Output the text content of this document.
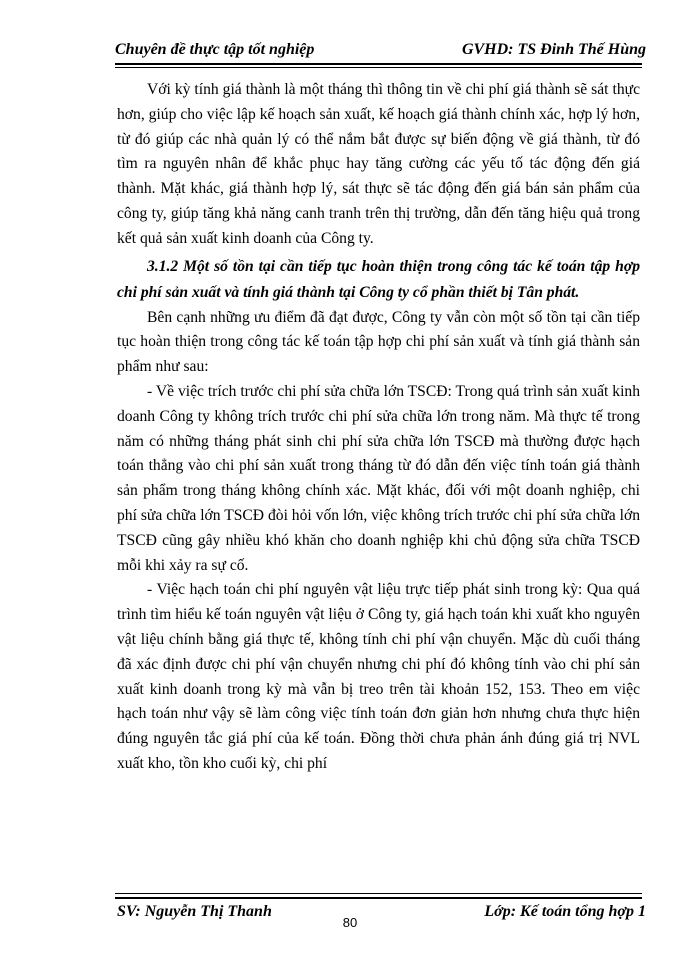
Chuyên đề thực tập tốt nghiệp	GVHD: TS Đinh Thế Hùng

Với kỳ tính giá thành là một tháng thì thông tin về chi phí giá thành sẽ sát thực hơn, giúp cho việc lập kế hoạch sản xuất, kế hoạch giá thành chính xác, hợp lý hơn, từ đó giúp các nhà quản lý có thể nắm bắt được sự biến động về giá thành, từ đó tìm ra nguyên nhân để khắc phục hay tăng cường các yếu tố tác động đến giá thành. Mặt khác, giá thành hợp lý, sát thực sẽ tác động đến giá bán sản phẩm của công ty, giúp tăng khả năng canh tranh trên thị trường, dẫn đến tăng hiệu quả trong kết quả sản xuất kinh doanh của Công ty.

3.1.2 Một số tồn tại cần tiếp tục hoàn thiện trong công tác kế toán tập hợp chi phí sản xuất và tính giá thành tại Công ty cổ phần thiết bị Tân phát.

Bên cạnh những ưu điểm đã đạt được, Công ty vẫn còn một số tồn tại cần tiếp tục hoàn thiện trong công tác kế toán tập hợp chi phí sản xuất và tính giá thành sản phẩm như sau:

- Về việc trích trước chi phí sửa chữa lớn TSCĐ: Trong quá trình sản xuất kinh doanh Công ty không trích trước chi phí sửa chữa lớn trong năm. Mà thực tế trong năm có những tháng phát sinh chi phí sửa chữa lớn TSCĐ mà thường được hạch toán thẳng vào chi phí sản xuất trong tháng từ đó dẫn đến việc tính toán giá thành sản phẩm trong tháng không chính xác. Mặt khác, đối với một doanh nghiệp, chi phí sửa chữa lớn TSCĐ đòi hỏi vốn lớn, việc không trích trước chi phí sửa chữa lớn TSCĐ cũng gây nhiều khó khăn cho doanh nghiệp khi chủ động sửa chữa TSCĐ mỗi khi xảy ra sự cố.

- Việc hạch toán chi phí nguyên vật liệu trực tiếp phát sinh trong kỳ: Qua quá trình tìm hiểu kế toán nguyên vật liệu ở Công ty, giá hạch toán khi xuất kho nguyên vật liệu chính bằng giá thực tế, không tính chi phí vận chuyển. Mặc dù cuối tháng đã xác định được chi phí vận chuyển nhưng chi phí đó không tính vào chi phí sản xuất kinh doanh trong kỳ mà vẫn bị treo trên tài khoản 152, 153. Theo em việc hạch toán như vậy sẽ làm công việc tính toán đơn giản hơn nhưng chưa thực hiện đúng nguyên tắc giá phí của kế toán. Đồng thời chưa phản ánh đúng giá trị NVL xuất kho, tồn kho cuối kỳ, chi phí

SV: Nguyễn Thị Thanh	Lớp: Kế toán tổng hợp 1
80
